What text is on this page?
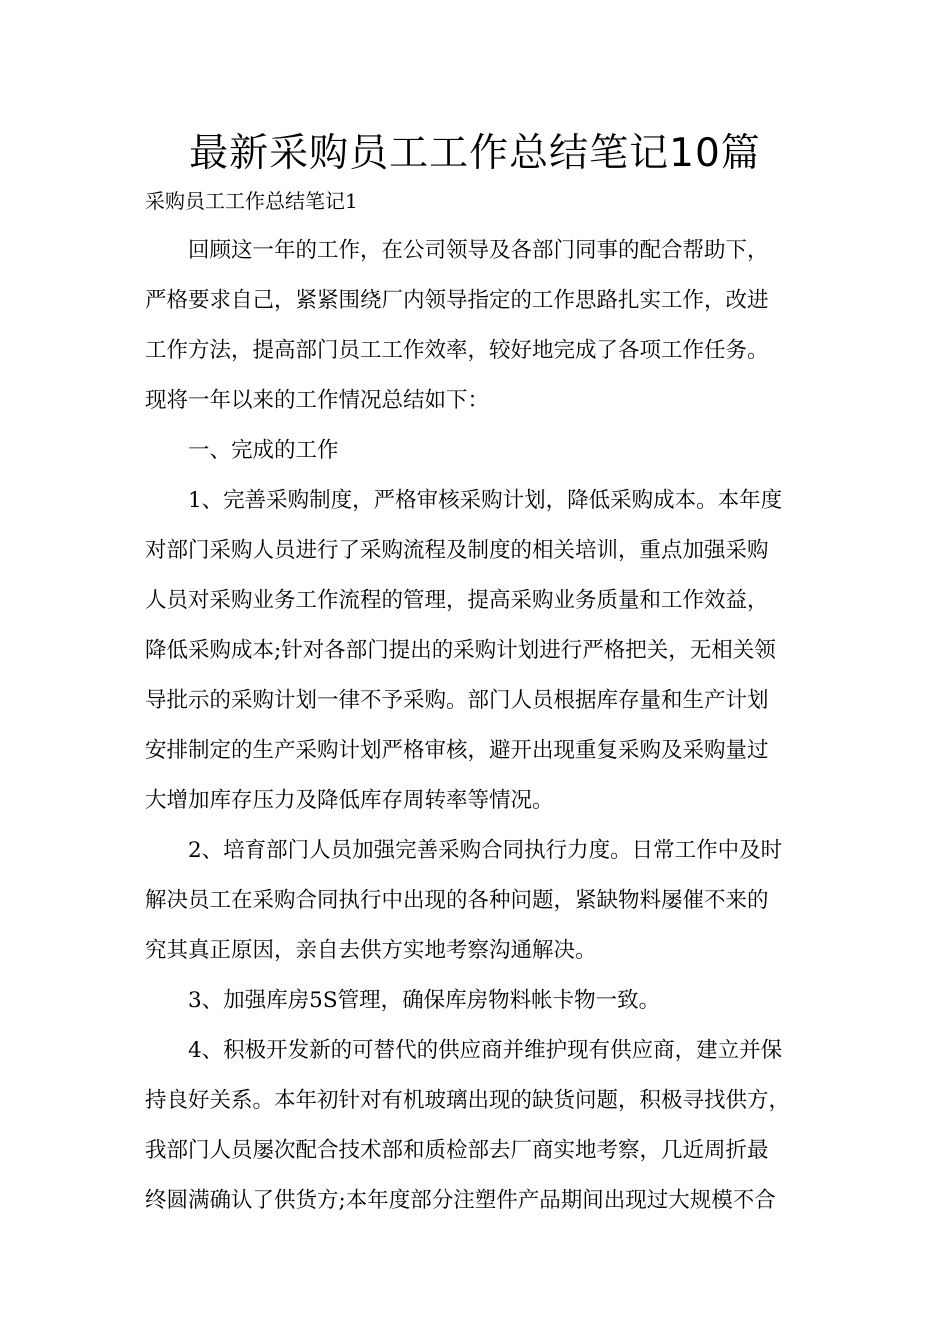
最新采购员工工作总结笔记10篇
采购员工工作总结笔记1
　　回顾这一年的工作，在公司领导及各部门同事的配合帮助下，
严格要求自己，紧紧围绕厂内领导指定的工作思路扎实工作，改进
工作方法，提高部门员工工作效率，较好地完成了各项工作任务。
现将一年以来的工作情况总结如下：
　　一、完成的工作
　　1、完善采购制度，严格审核采购计划，降低采购成本。本年度
对部门采购人员进行了采购流程及制度的相关培训，重点加强采购
人员对采购业务工作流程的管理，提高采购业务质量和工作效益，
降低采购成本;针对各部门提出的采购计划进行严格把关，无相关领
导批示的采购计划一律不予采购。部门人员根据库存量和生产计划
安排制定的生产采购计划严格审核，避开出现重复采购及采购量过
大增加库存压力及降低库存周转率等情况。
　　2、培育部门人员加强完善采购合同执行力度。日常工作中及时
解决员工在采购合同执行中出现的各种问题，紧缺物料屡催不来的
究其真正原因，亲自去供方实地考察沟通解决。
　　3、加强库房5S管理，确保库房物料帐卡物一致。
　　4、积极开发新的可替代的供应商并维护现有供应商，建立并保
持良好关系。本年初针对有机玻璃出现的缺货问题，积极寻找供方，
我部门人员屡次配合技术部和质检部去厂商实地考察，几近周折最
终圆满确认了供货方;本年度部分注塑件产品期间出现过大规模不合
